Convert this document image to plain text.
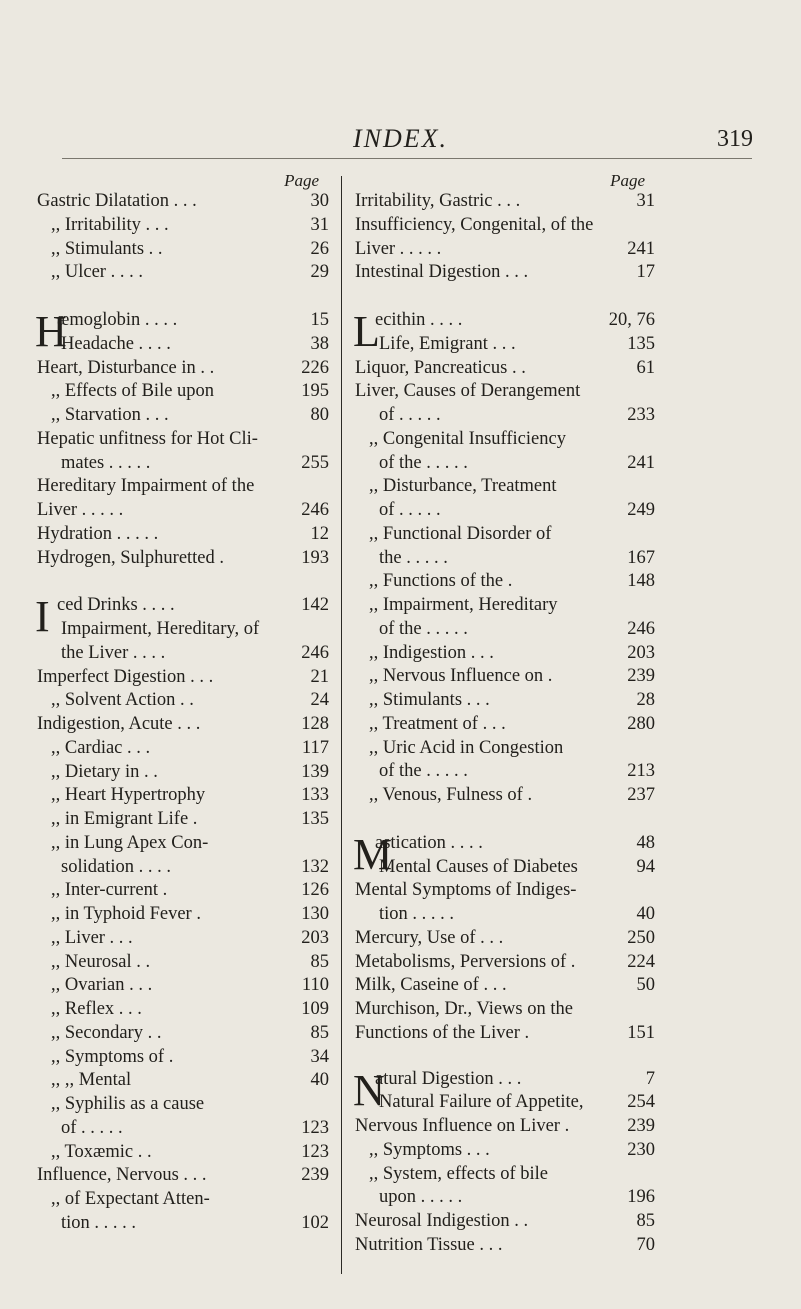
INDEX.	319
Page
Gastric Dilatation . . .	30
,, Irritability . . .	31
,, Stimulants . .	26
,, Ulcer . . . .	29
H
æmoglobin . . . .	15
Headache . . . .	38
Heart, Disturbance in . .	226
,, Effects of Bile upon	195
,, Starvation . . .	80
Hepatic unfitness for Hot Cli-
mates . . . . .	255
Hereditary Impairment of the
Liver . . . . .	246
Hydration . . . . .	12
Hydrogen, Sulphuretted .	193
I ced Drinks . . . .	142
Impairment, Hereditary, of
the Liver . . . .	246
Imperfect Digestion . . .	21
,, Solvent Action . .	24
Indigestion, Acute . . .	128
,, Cardiac . . .	117
,, Dietary in . .	139
,, Heart Hypertrophy	133
,, in Emigrant Life .	135
,, in Lung Apex Con-
solidation . . . .	132
,, Inter-current .	126
,, in Typhoid Fever .	130
,, Liver . . .	203
,, Neurosal . .	85
,, Ovarian . . .	110
,, Reflex . . .	109
,, Secondary . .	85
,, Symptoms of .	34
,, ,, Mental	40
,, Syphilis as a cause
of . . . . .	123
,, Toxæmic . .	123
Influence, Nervous . . .	239
,, of Expectant Atten-
tion . . . . .	102
Page
Irritability, Gastric . . .	31
Insufficiency, Congenital, of the
Liver . . . . .	241
Intestinal Digestion . . .	17
L
ecithin . . . .	20, 76
Life, Emigrant . . .	135
Liquor, Pancreaticus . .	61
Liver, Causes of Derangement
of . . . . .	233
,, Congenital Insufficiency
of the . . . . .	241
,, Disturbance, Treatment
of . . . . .	249
,, Functional Disorder of
the . . . . .	167
,, Functions of the .	148
,, Impairment, Hereditary
of the . . . . .	246
,, Indigestion . . .	203
,, Nervous Influence on .	239
,, Stimulants . . .	28
,, Treatment of . . .	280
,, Uric Acid in Congestion
of the . . . . .	213
,, Venous, Fulness of .	237
M
astication . . . .	48
Mental Causes of Diabetes	94
Mental Symptoms of Indiges-
tion . . . . .	40
Mercury, Use of . . .	250
Metabolisms, Perversions of .	224
Milk, Caseine of . . .	50
Murchison, Dr., Views on the
Functions of the Liver .	151
N
atural Digestion . . .	7
Natural Failure of Appetite, 254
Nervous Influence on Liver .	239
,, Symptoms . . .	230
,, System, effects of bile
upon . . . . .	196
Neurosal Indigestion . .	85
Nutrition Tissue . . .	70
